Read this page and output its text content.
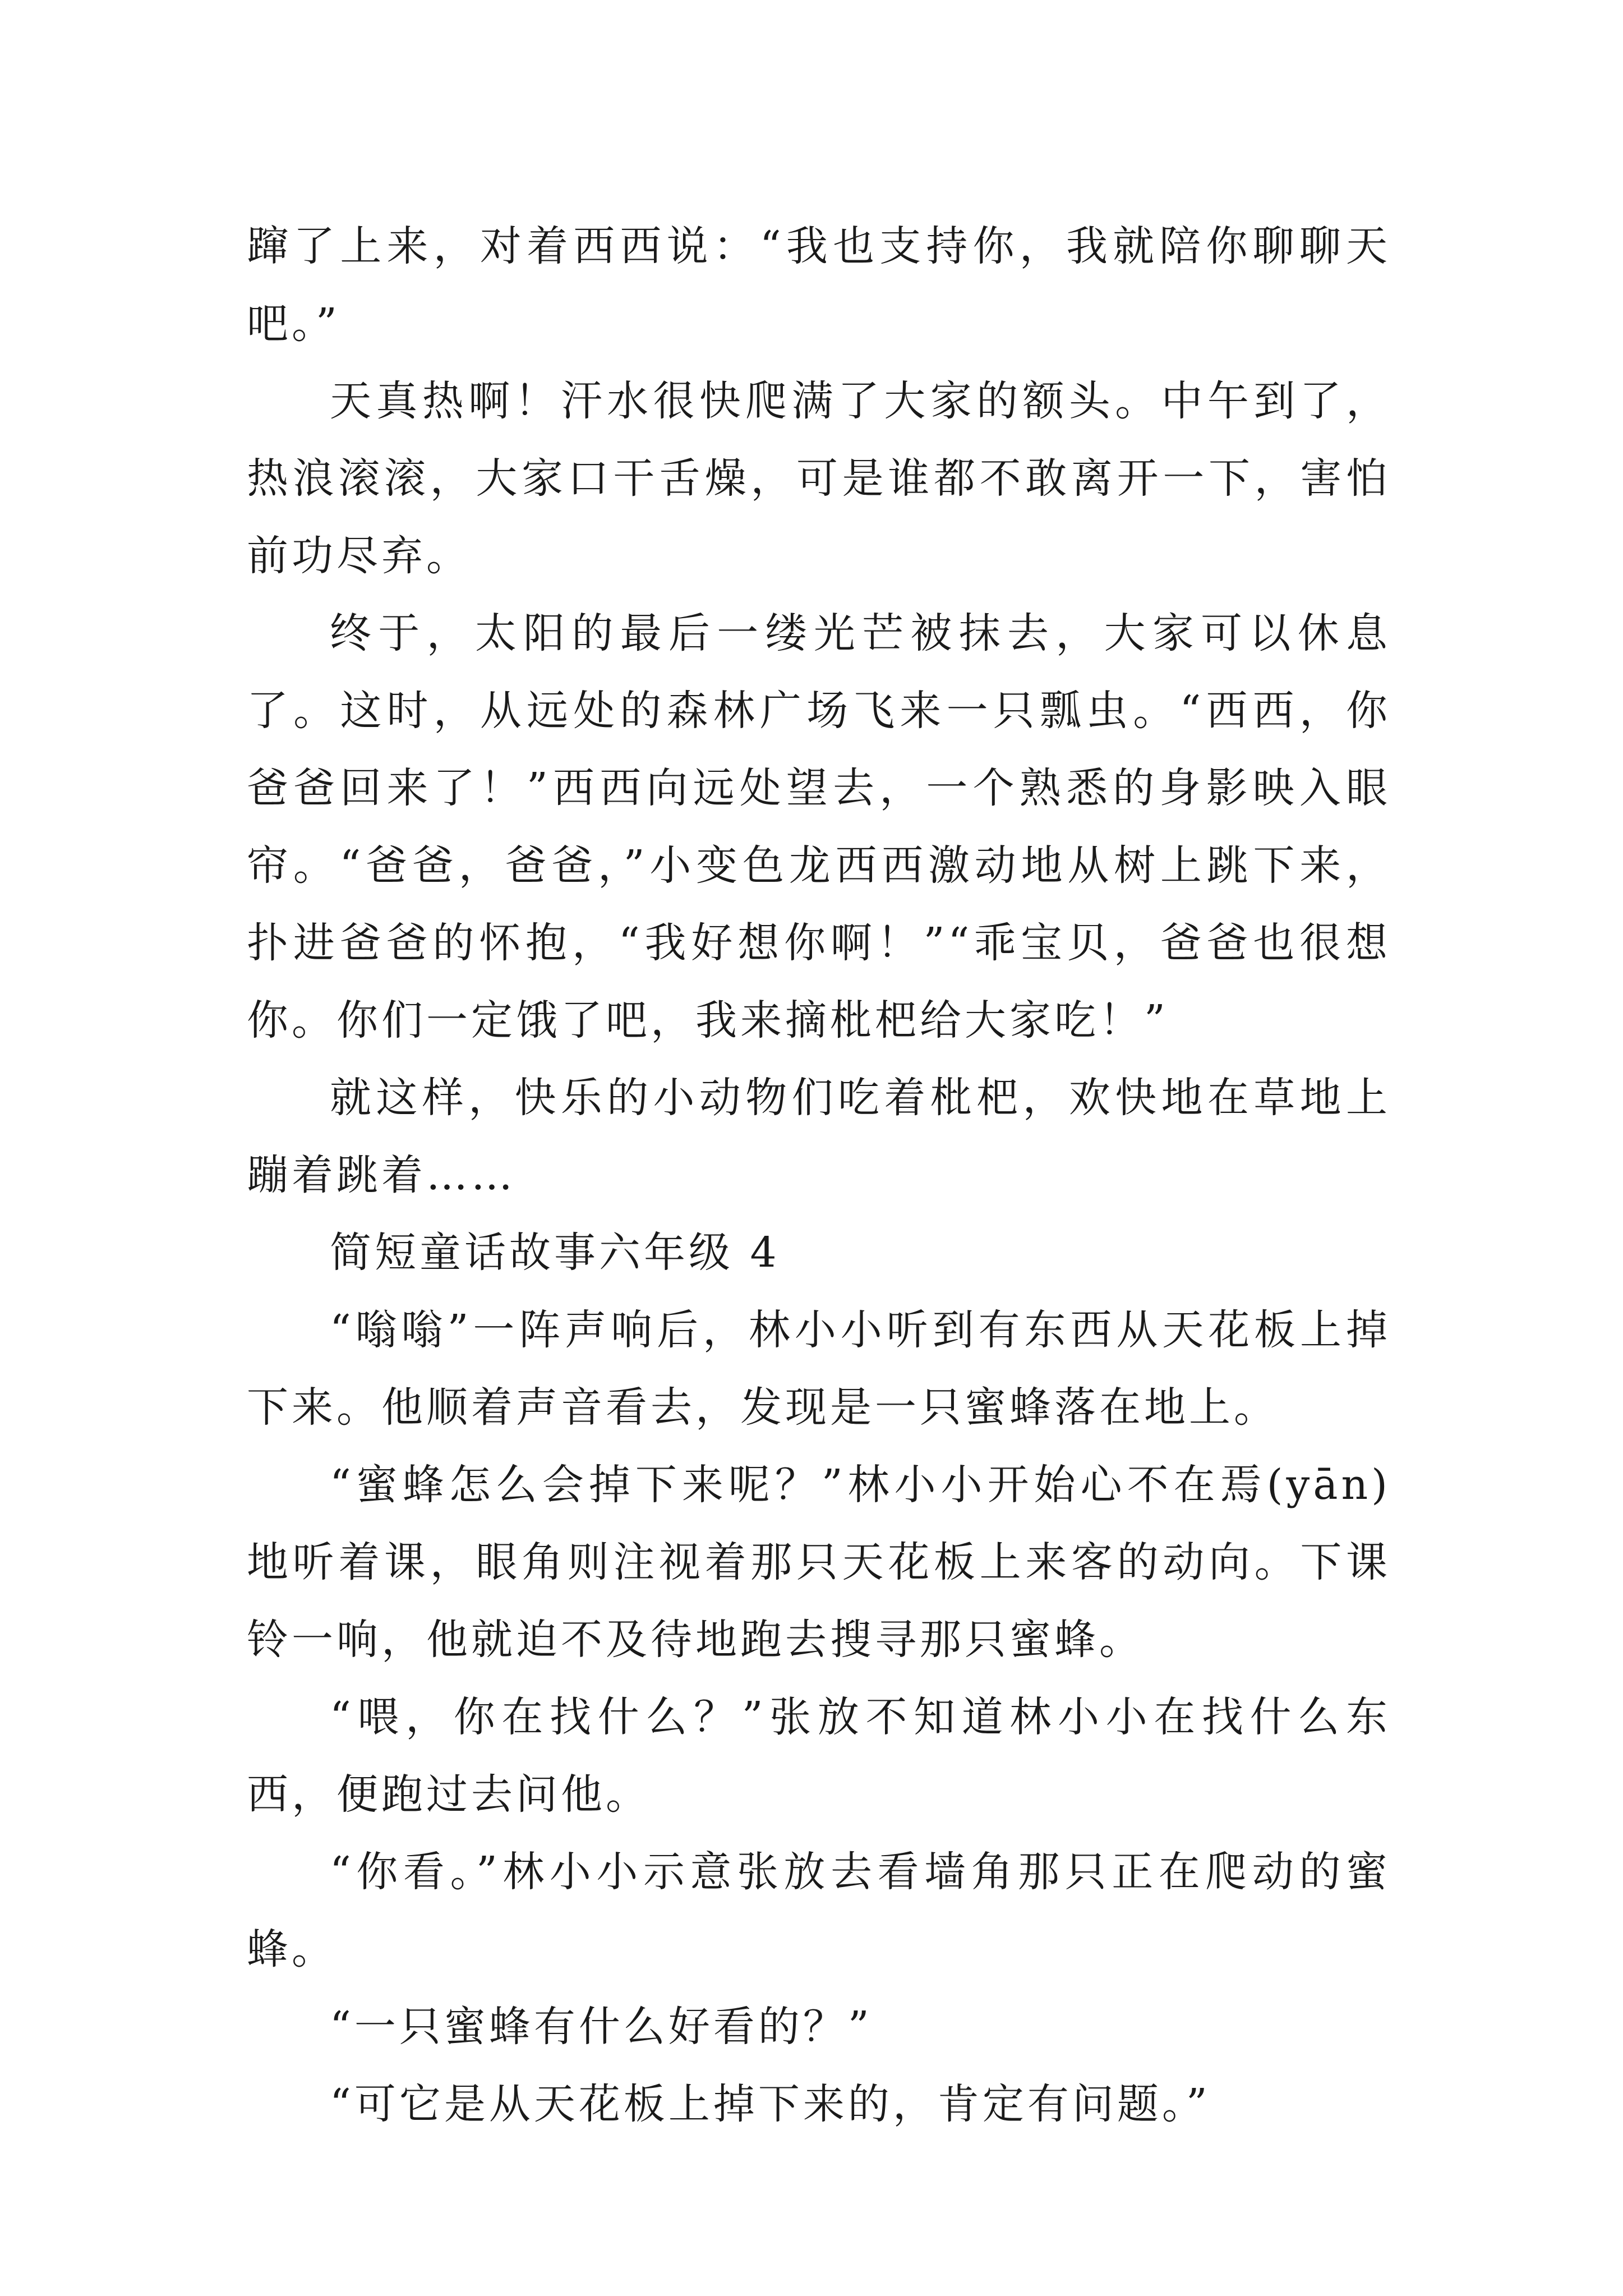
蹿了上来，对着西西说：“我也支持你，我就陪你聊聊天吧。”

天真热啊！汗水很快爬满了大家的额头。中午到了，热浪滚滚，大家口干舌燥，可是谁都不敢离开一下，害怕前功尽弃。

终于，太阳的最后一缕光芒被抹去，大家可以休息了。这时，从远处的森林广场飞来一只瓢虫。“西西，你爸爸回来了！”西西向远处望去，一个熟悉的身影映入眼帘。“爸爸，爸爸，”小变色龙西西激动地从树上跳下来，扑进爸爸的怀抱，“我好想你啊！”“乖宝贝，爸爸也很想你。你们一定饿了吧，我来摘枇杷给大家吃！”

就这样，快乐的小动物们吃着枇杷，欢快地在草地上蹦着跳着……

简短童话故事六年级 4

“嗡嗡”一阵声响后，林小小听到有东西从天花板上掉下来。他顺着声音看去，发现是一只蜜蜂落在地上。

“蜜蜂怎么会掉下来呢？”林小小开始心不在焉(yān)地听着课，眼角则注视着那只天花板上来客的动向。下课铃一响，他就迫不及待地跑去搜寻那只蜜蜂。

“喂，你在找什么？”张放不知道林小小在找什么东西，便跑过去问他。

“你看。”林小小示意张放去看墙角那只正在爬动的蜜蜂。

“一只蜜蜂有什么好看的？”

“可它是从天花板上掉下来的，肯定有问题。”
